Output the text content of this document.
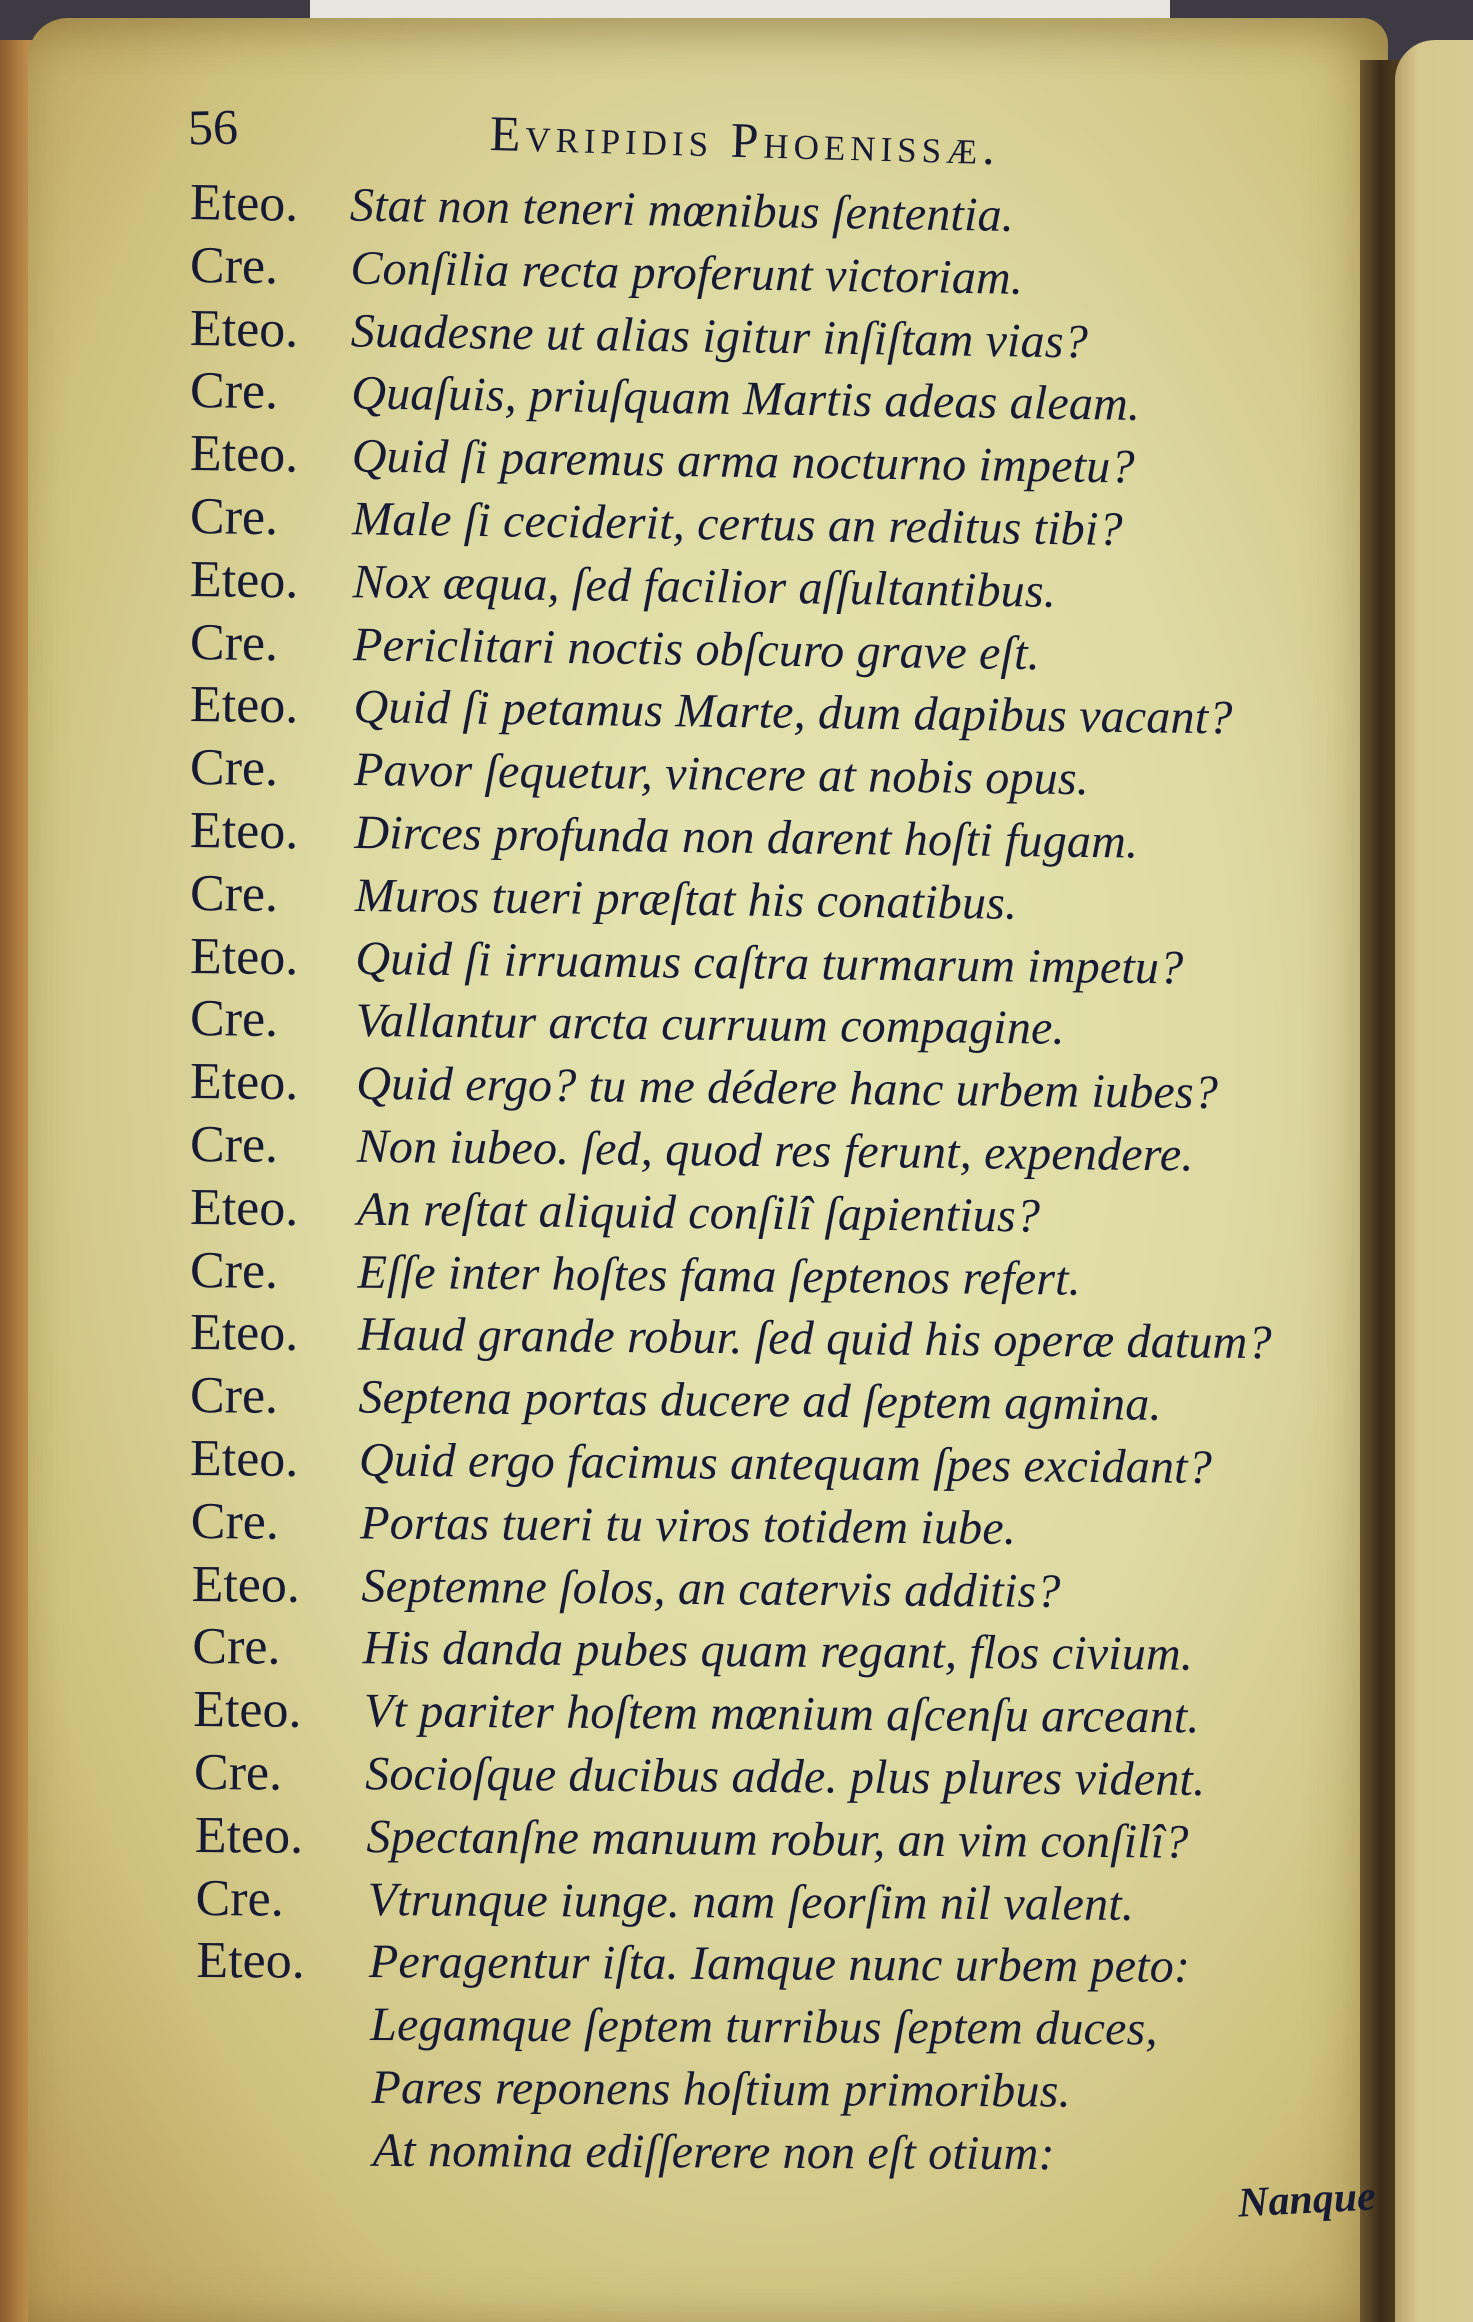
56	Evripidis Phoenissæ.
Eteo. Stat non teneri mœnibus ſententia.
Cre. Conſilia recta proferunt victoriam.
Eteo. Suadesne ut alias igitur inſiſtam vias?
Cre. Quaſuis, priuſquam Martis adeas aleam.
Eteo. Quid ſi paremus arma nocturno impetu?
Cre. Male ſi ceciderit, certus an reditus tibi?
Eteo. Nox æqua, ſed facilior aſſultantibus.
Cre. Periclitari noctis obſcuro grave eſt.
Eteo. Quid ſi petamus Marte, dum dapibus vacant?
Cre. Pavor ſequetur, vincere at nobis opus.
Eteo. Dirces profunda non darent hoſti fugam.
Cre. Muros tueri præſtat his conatibus.
Eteo. Quid ſi irruamus caſtra turmarum impetu?
Cre. Vallantur arcta curruum compagine.
Eteo. Quid ergo? tu me dédere hanc urbem iubes?
Cre. Non iubeo. ſed, quod res ferunt, expendere.
Eteo. An reſtat aliquid conſilî ſapientius?
Cre. Eſſe inter hoſtes fama ſeptenos refert.
Eteo. Haud grande robur. ſed quid his operæ datum?
Cre. Septena portas ducere ad ſeptem agmina.
Eteo. Quid ergo facimus antequam ſpes excidant?
Cre. Portas tueri tu viros totidem iube.
Eteo. Septemne ſolos, an catervis additis?
Cre. His danda pubes quam regant, flos civium.
Eteo. Vt pariter hoſtem mœnium aſcenſu arceant.
Cre. Socioſque ducibus adde. plus plures vident.
Eteo. Spectanſne manuum robur, an vim conſilî?
Cre. Vtrunque iunge. nam ſeorſim nil valent.
Eteo. Peragentur iſta. Iamque nunc urbem peto:
Legamque ſeptem turribus ſeptem duces,
Pares reponens hoſtium primoribus.
At nomina ediſſerere non eſt otium:
Nanque
